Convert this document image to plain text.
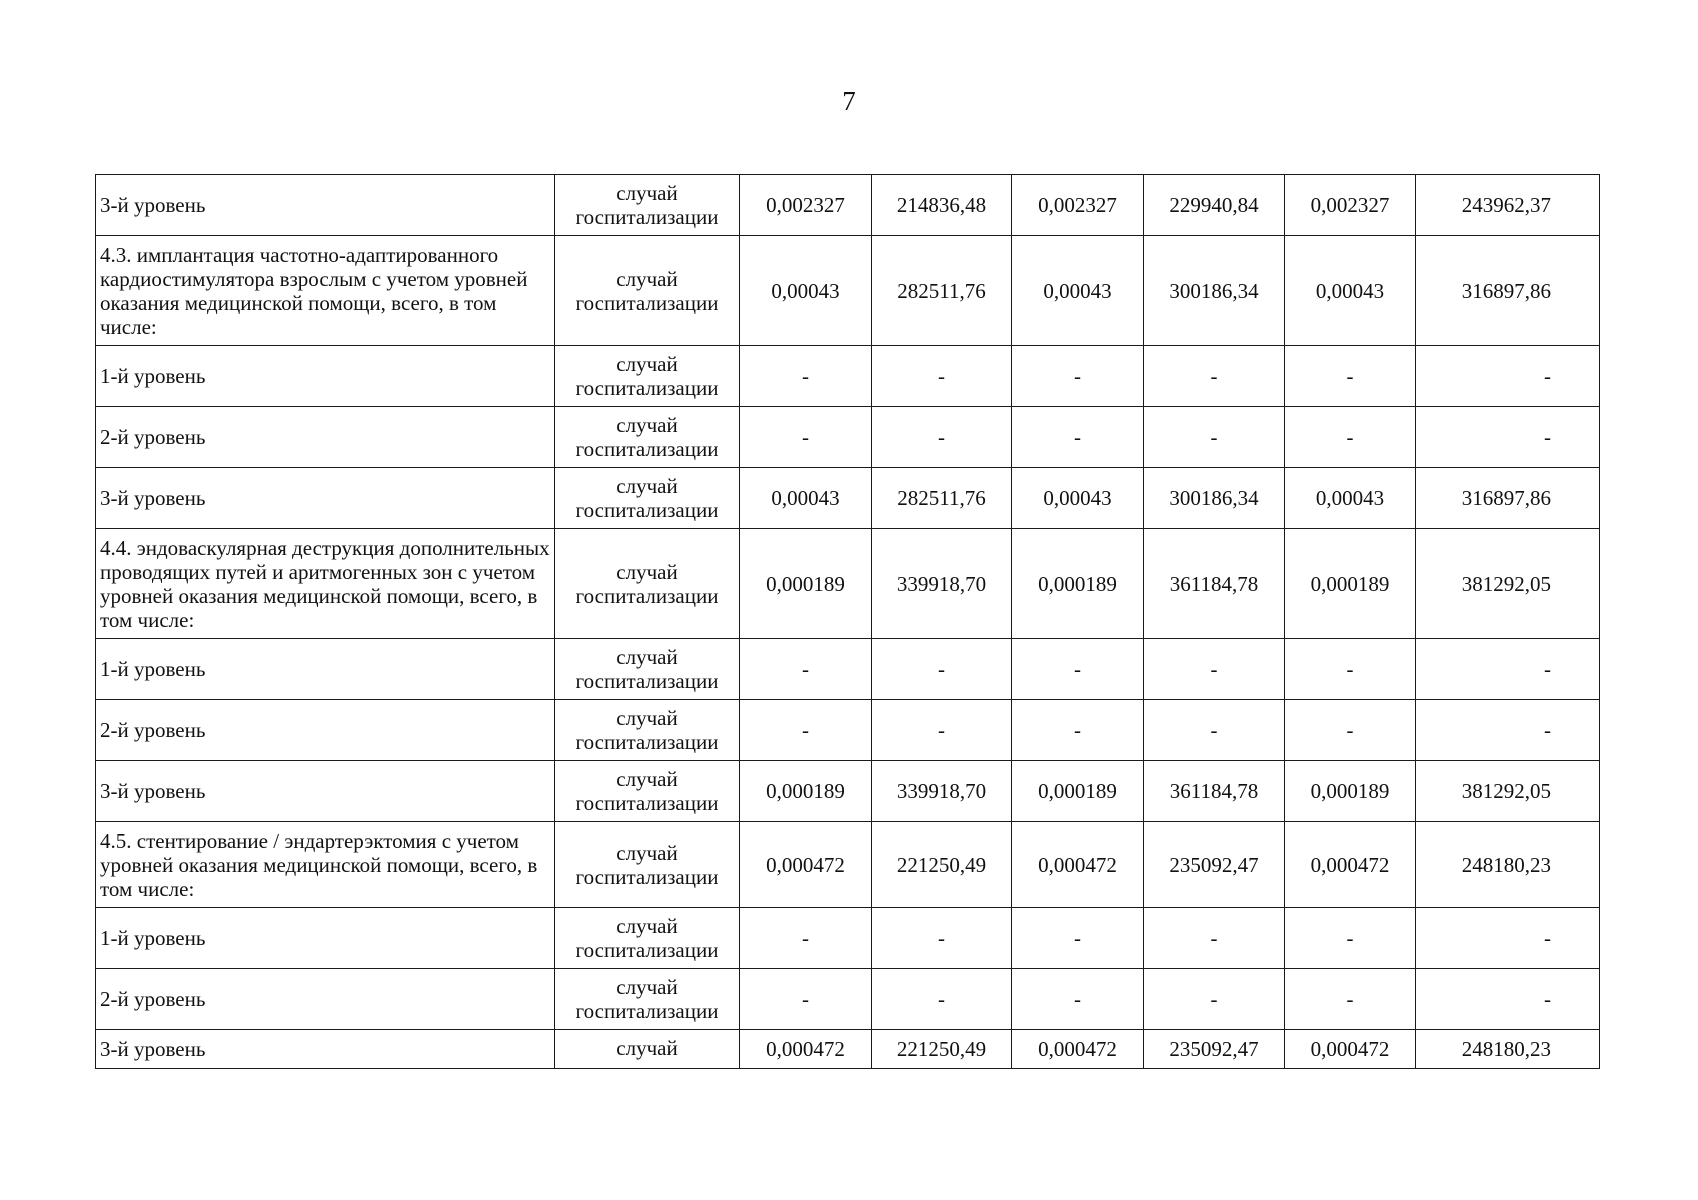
7
3-й уровень	случай госпитализации	0,002327	214836,48	0,002327	229940,84	0,002327	243962,37
4.3. имплантация частотно-адаптированного кардиостимулятора взрослым с учетом уровней оказания медицинской помощи, всего, в том числе:	случай госпитализации	0,00043	282511,76	0,00043	300186,34	0,00043	316897,86
1-й уровень	случай госпитализации	-	-	-	-	-	-
2-й уровень	случай госпитализации	-	-	-	-	-	-
3-й уровень	случай госпитализации	0,00043	282511,76	0,00043	300186,34	0,00043	316897,86
4.4. эндоваскулярная деструкция дополнительных проводящих путей и аритмогенных зон с учетом уровней оказания медицинской помощи, всего, в том числе:	случай госпитализации	0,000189	339918,70	0,000189	361184,78	0,000189	381292,05
1-й уровень	случай госпитализации	-	-	-	-	-	-
2-й уровень	случай госпитализации	-	-	-	-	-	-
3-й уровень	случай госпитализации	0,000189	339918,70	0,000189	361184,78	0,000189	381292,05
4.5. стентирование / эндартерэктомия с учетом уровней оказания медицинской помощи, всего, в том числе:	случай госпитализации	0,000472	221250,49	0,000472	235092,47	0,000472	248180,23
1-й уровень	случай госпитализации	-	-	-	-	-	-
2-й уровень	случай госпитализации	-	-	-	-	-	-
3-й уровень	случай	0,000472	221250,49	0,000472	235092,47	0,000472	248180,23
